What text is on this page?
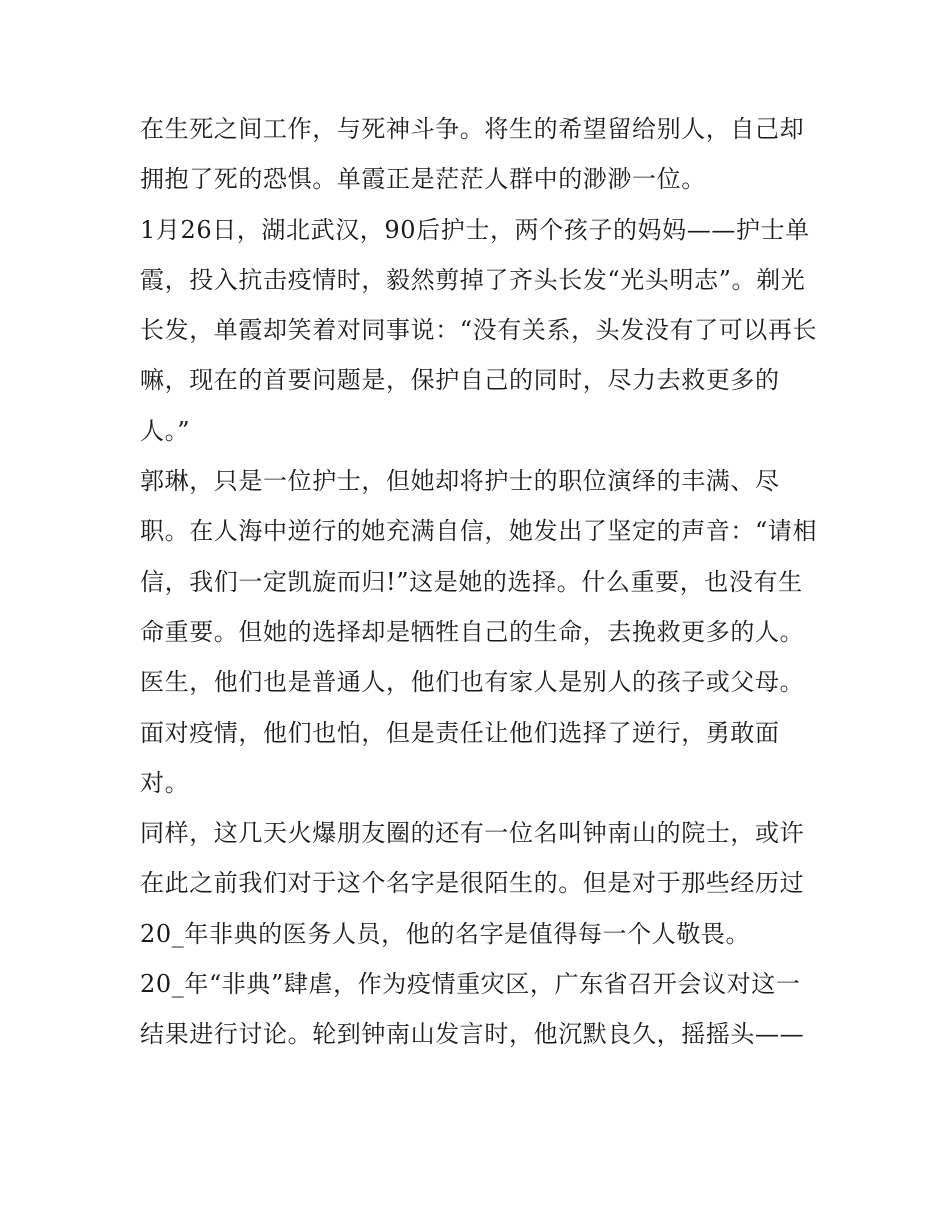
在生死之间工作，与死神斗争。将生的希望留给别人，自己却拥抱了死的恐惧。单霞正是茫茫人群中的渺渺一位。

1月26日，湖北武汉，90后护士，两个孩子的妈妈——护士单霞，投入抗击疫情时，毅然剪掉了齐头长发“光头明志”。剃光长发，单霞却笑着对同事说：“没有关系，头发没有了可以再长嘛，现在的首要问题是，保护自己的同时，尽力去救更多的人。”

郭琳，只是一位护士，但她却将护士的职位演绎的丰满、尽职。在人海中逆行的她充满自信，她发出了坚定的声音：“请相信，我们一定凯旋而归!”这是她的选择。什么重要，也没有生命重要。但她的选择却是牺牲自己的生命，去挽救更多的人。

医生，他们也是普通人，他们也有家人是别人的孩子或父母。面对疫情，他们也怕，但是责任让他们选择了逆行，勇敢面对。

同样，这几天火爆朋友圈的还有一位名叫钟南山的院士，或许在此之前我们对于这个名字是很陌生的。但是对于那些经历过20_年非典的医务人员，他的名字是值得每一个人敬畏。

20_年“非典”肆虐，作为疫情重灾区，广东省召开会议对这一结果进行讨论。轮到钟南山发言时，他沉默良久，摇摇头——
